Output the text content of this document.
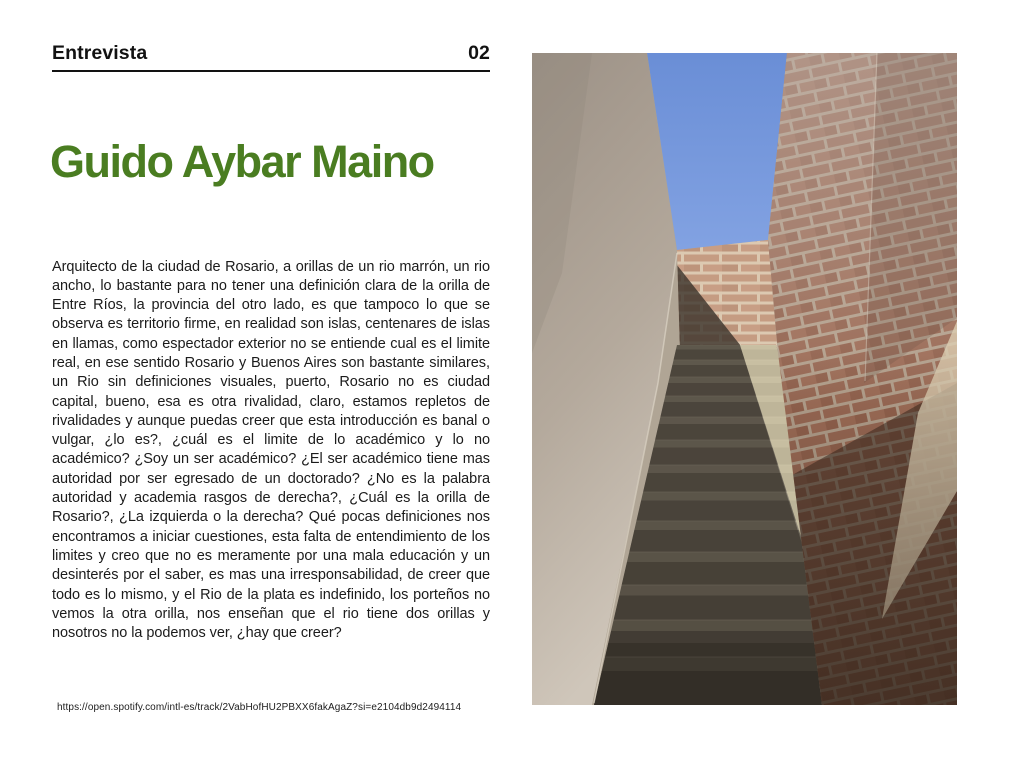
Entrevista	02
Guido Aybar Maino

Arquitecto de la ciudad de Rosario, a orillas de un rio marrón, un rio ancho, lo bastante para no tener una definición clara de la orilla de Entre Ríos, la provincia del otro lado, es que tampoco lo que se observa es territorio firme, en realidad son islas, centenares de islas en llamas, como espectador exterior no se entiende cual es el limite real, en ese sentido Rosario y Buenos Aires son bastante similares, un Rio sin definiciones visuales, puerto, Rosario no es ciudad capital, bueno, esa es otra rivalidad, claro, estamos repletos de rivalidades y aunque puedas creer que esta introducción es banal o vulgar, ¿lo es?, ¿cuál es el limite de lo académico y lo no académico? ¿Soy un ser académico? ¿El ser académico tiene mas autoridad por ser egresado de un doctorado? ¿No es la palabra autoridad y academia rasgos de derecha?, ¿Cuál es la orilla de Rosario?, ¿La izquierda o la derecha? Qué pocas definiciones nos encontramos a iniciar cuestiones, esta falta de entendimiento de los limites y creo que no es meramente por una mala educación y un desinterés por el saber, es mas una irresponsabilidad, de creer que todo es lo mismo, y el Rio de la plata es indefinido, los porteños no vemos la otra orilla, nos enseñan que el rio tiene dos orillas y nosotros no la podemos ver, ¿hay que creer?

https://open.spotify.com/intl-es/track/2VabHofHU2PBXX6fakAgaZ?si=e2104db9d2494114
